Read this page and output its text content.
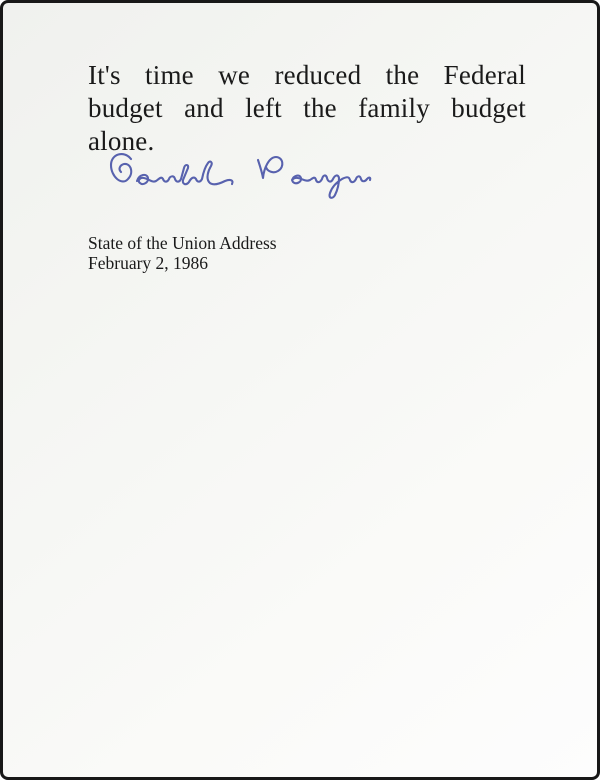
It's time we reduced the Federal
budget and left the family budget
alone.
State of the Union Address
February 2, 1986
